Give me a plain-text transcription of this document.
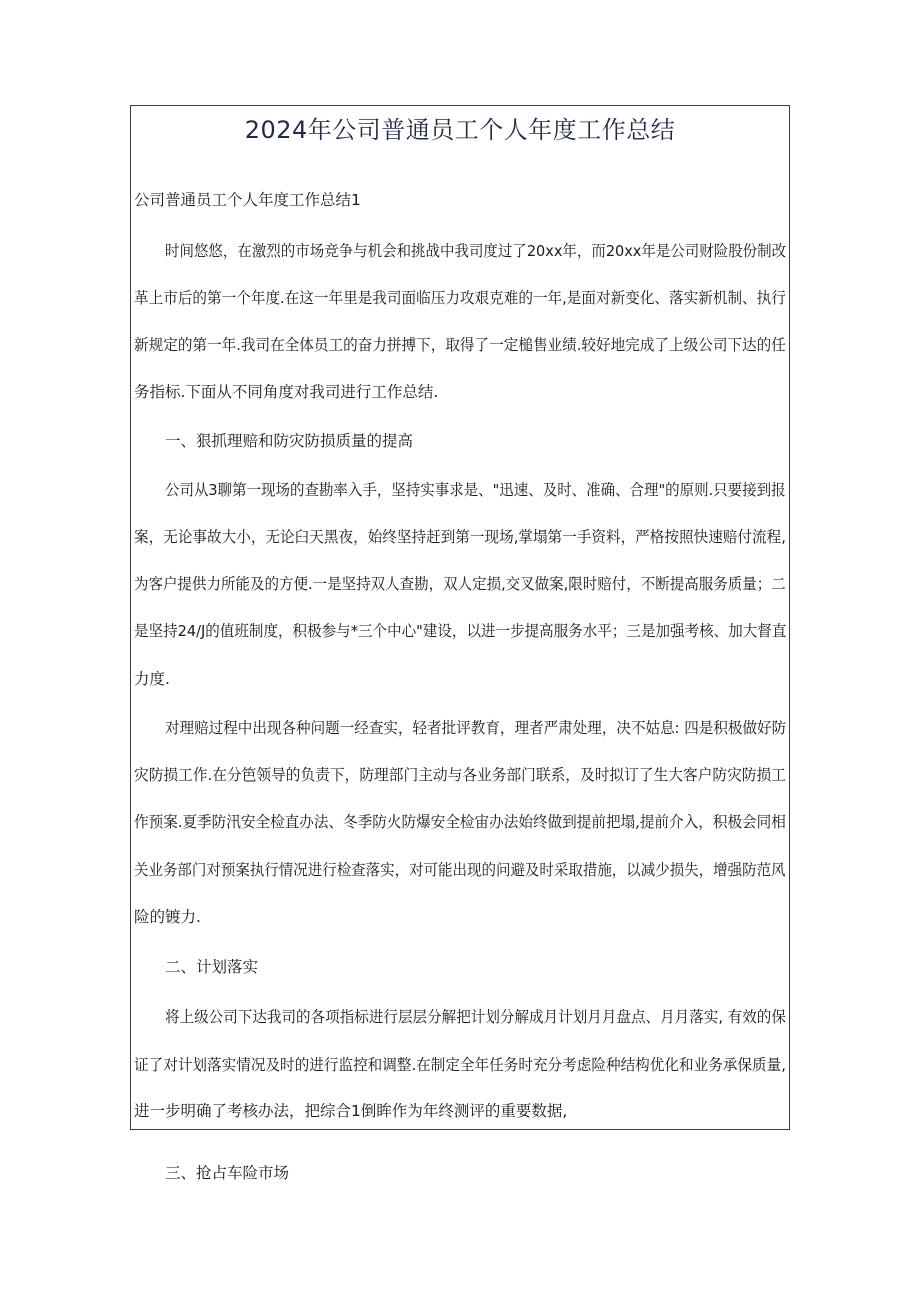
2024年公司普通员工个人年度工作总结
公司普通员工个人年度工作总结1
时间悠悠，在激烈的市场竞争与机会和挑战中我司度过了20xx年，而20xx年是公司财险股份制改
革上市后的第一个年度.在这一年里是我司面临压力攻艰克难的一年,是面对新变化、落实新机制、执行
新规定的第一年.我司在全体员工的奋力拼搏下，取得了一定槌售业绩.较好地完成了上级公司下达的任
务指标.下面从不同角度对我司进行工作总结.
一、狠抓理赔和防灾防损质量的提高
公司从3聊第一现场的查勘率入手，坚持实事求是、"迅速、及时、准确、合理"的原则.只要接到报
案，无论事故大小，无论臼天黑夜，始终坚持赶到第一现场,掌塌第一手资料，严格按照快速赔付流程,
为客户提供力所能及的方便.一是坚持双人查勘，双人定损,交叉做案,限时赔付，不断提高服务质量；二
是坚持24/J的值班制度，积极参与*三个中心"建设，以进一步提高服务水平；三是加强考核、加大督直
力度.
对理赔过程中出现各种问题一经查实，轻者批评教育，理者严肃处理，决不姑息: 四是积极做好防
灾防损工作.在分笆领导的负责下，防理部门主动与各业务部门联系，及时拟订了生大客户防灾防损工
作预案.夏季防汛安全检直办法、冬季防火防爆安全检宙办法始终做到提前把塌,提前介入，积极会同相
关业务部门对预案执行情况进行检查落实，对可能出现的问避及时采取措施，以减少损失，增强防范风
险的镀力.
二、计划落实
将上级公司下达我司的各项指标进行层层分解把计划分解成月计划月月盘点、月月落实, 有效的保
证了对计划落实情况及时的进行监控和调整.在制定全年任务时充分考虑险种结构优化和业务承保质量,
进一步明确了考核办法，把综合1倒眸作为年终测评的重要数据,
三、抢占车险市场
